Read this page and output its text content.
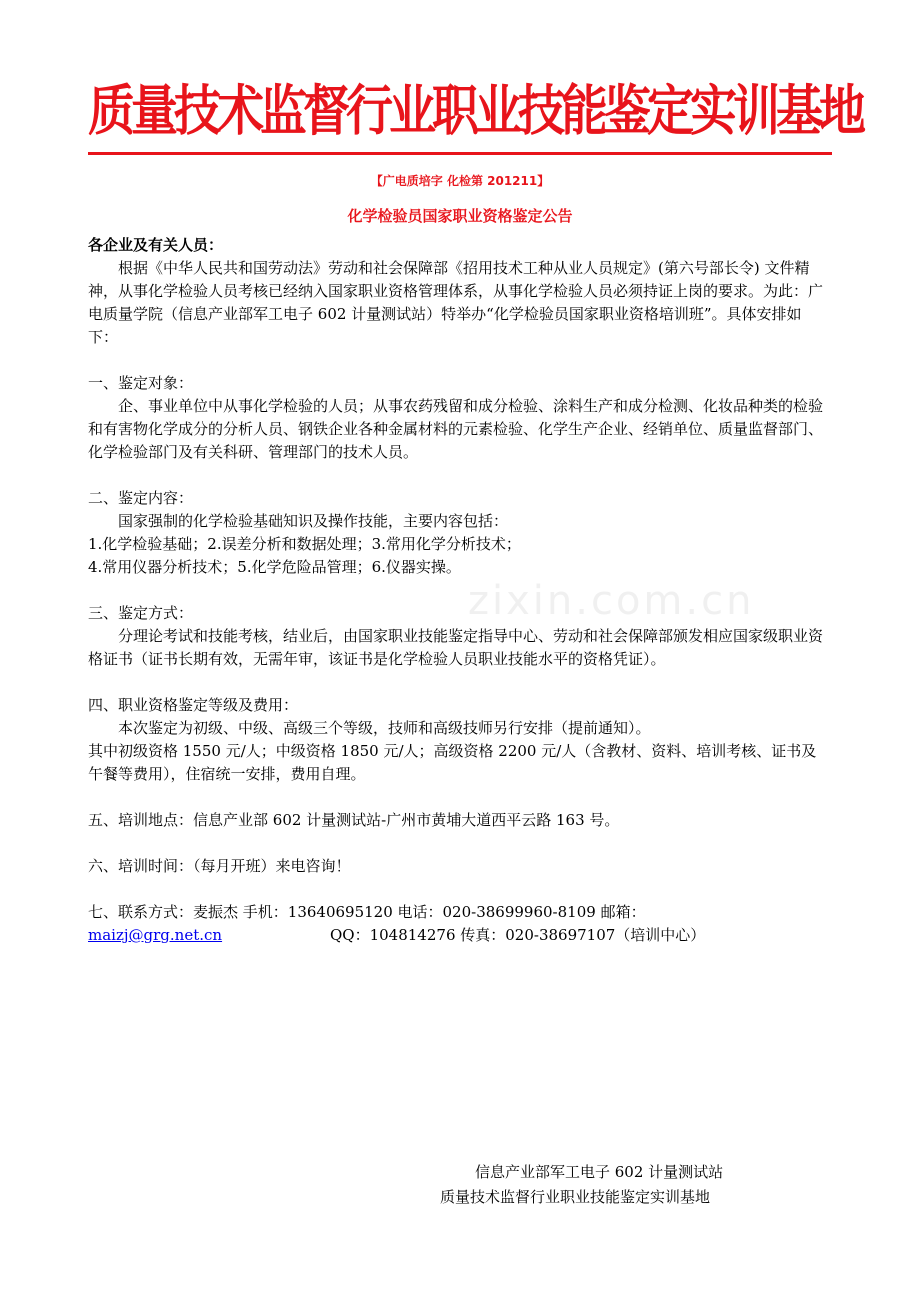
质量技术监督行业职业技能鉴定实训基地
【广电质培字 化检第 201211】
化学检验员国家职业资格鉴定公告
zixin.com.cn

各企业及有关人员：

根据《中华人民共和国劳动法》劳动和社会保障部《招用技术工种从业人员规定》(第六号部长令) 文件精神，从事化学检验人员考核已经纳入国家职业资格管理体系，从事化学检验人员必须持证上岗的要求。为此：广电质量学院（信息产业部军工电子 602 计量测试站）特举办“化学检验员国家职业资格培训班”。具体安排如下：

一、鉴定对象：

企、事业单位中从事化学检验的人员；从事农药残留和成分检验、涂料生产和成分检测、化妆品种类的检验和有害物化学成分的分析人员、钢铁企业各种金属材料的元素检验、化学生产企业、经销单位、质量监督部门、化学检验部门及有关科研、管理部门的技术人员。

二、鉴定内容：

国家强制的化学检验基础知识及操作技能，主要内容包括：

1.化学检验基础；2.误差分析和数据处理；3.常用化学分析技术；

4.常用仪器分析技术；5.化学危险品管理；6.仪器实操。

三、鉴定方式：

分理论考试和技能考核，结业后，由国家职业技能鉴定指导中心、劳动和社会保障部颁发相应国家级职业资格证书（证书长期有效，无需年审，该证书是化学检验人员职业技能水平的资格凭证）。

四、职业资格鉴定等级及费用：

本次鉴定为初级、中级、高级三个等级，技师和高级技师另行安排（提前通知）。

其中初级资格 1550 元/人；中级资格 1850 元/人；高级资格 2200 元/人（含教材、资料、培训考核、证书及午餐等费用），住宿统一安排，费用自理。

五、培训地点：信息产业部 602 计量测试站-广州市黄埔大道西平云路 163 号。

六、培训时间：（每月开班）来电咨询！

七、联系方式：麦振杰 手机：13640695120 电话：020-38699960-8109 邮箱：

maizj@grg.net.cn	QQ：104814276 传真：020-38697107（培训中心）

信息产业部军工电子 602 计量测试站

质量技术监督行业职业技能鉴定实训基地
